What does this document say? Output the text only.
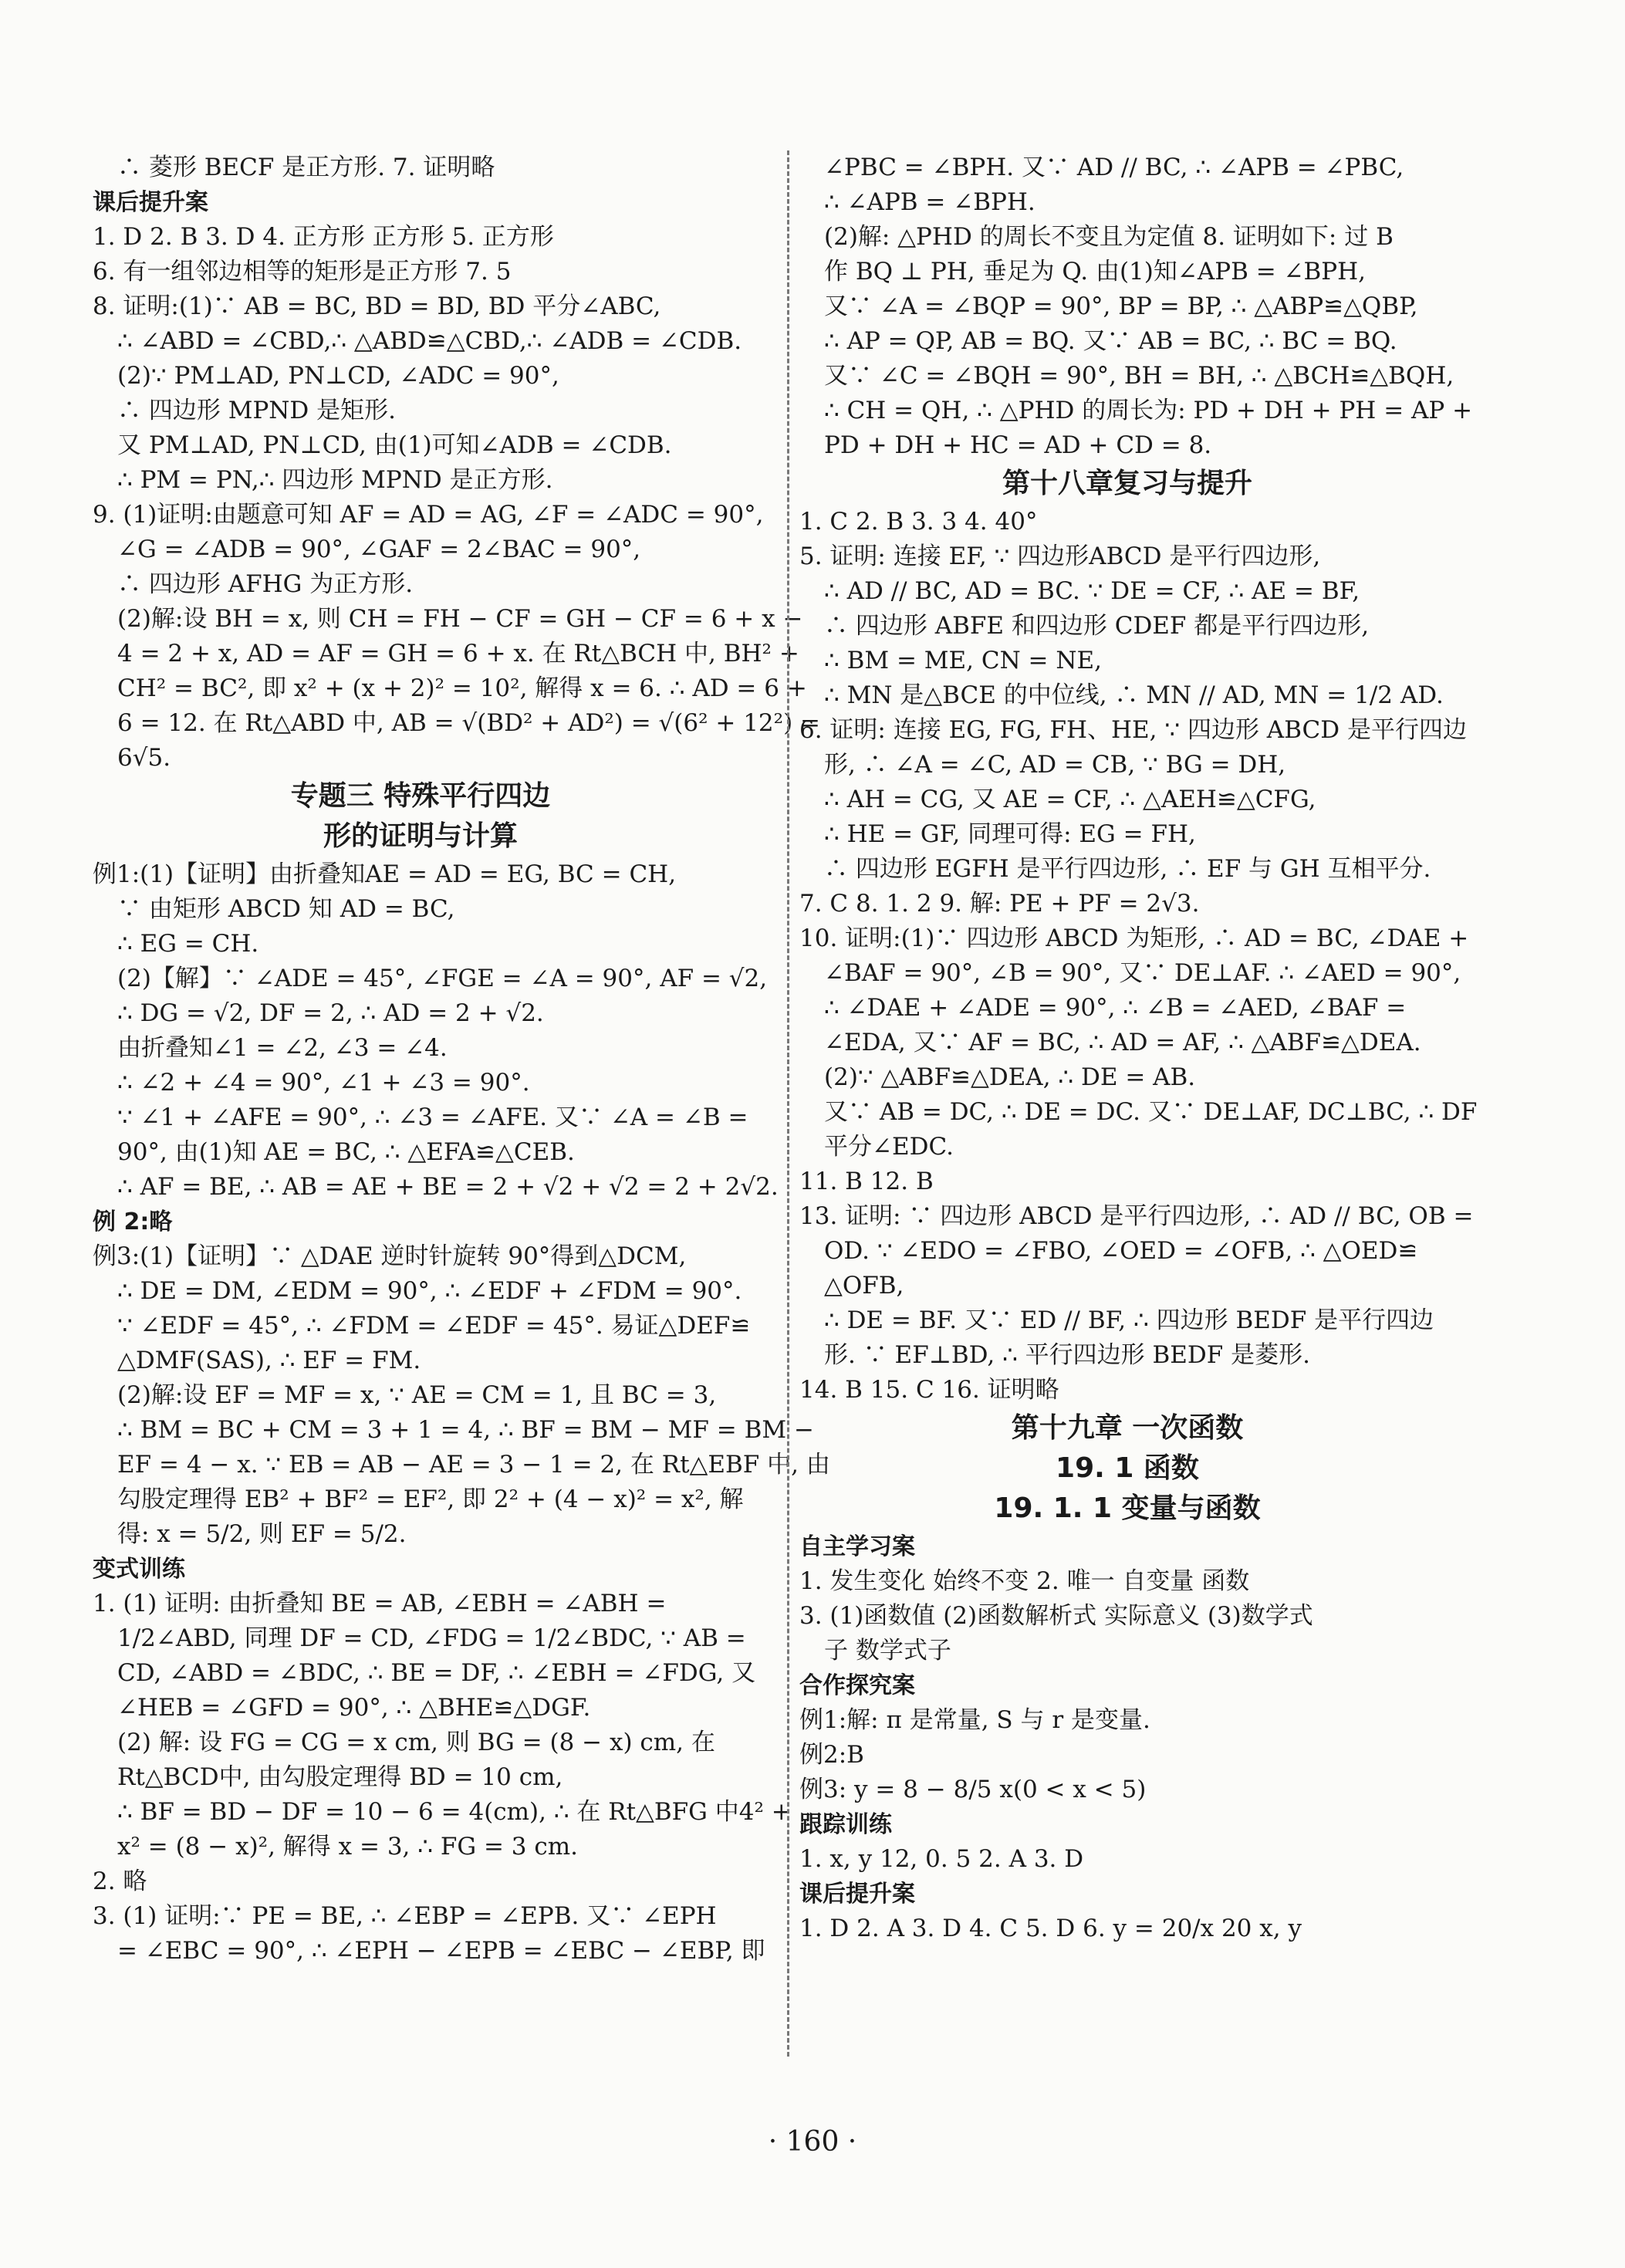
∴ 菱形 BECF 是正方形. 7. 证明略
课后提升案
1. D 2. B 3. D 4. 正方形 正方形 5. 正方形
6. 有一组邻边相等的矩形是正方形 7. 5
8. 证明:(1)∵ AB = BC, BD = BD, BD 平分∠ABC,
∴ ∠ABD = ∠CBD,∴ △ABD≌△CBD,∴ ∠ADB = ∠CDB.
(2)∵ PM⊥AD, PN⊥CD, ∠ADC = 90°,
∴ 四边形 MPND 是矩形.
又 PM⊥AD, PN⊥CD, 由(1)可知∠ADB = ∠CDB.
∴ PM = PN,∴ 四边形 MPND 是正方形.
9. (1)证明:由题意可知 AF = AD = AG, ∠F = ∠ADC = 90°,
∠G = ∠ADB = 90°, ∠GAF = 2∠BAC = 90°,
∴ 四边形 AFHG 为正方形.
(2)解:设 BH = x, 则 CH = FH − CF = GH − CF = 6 + x −
4 = 2 + x, AD = AF = GH = 6 + x. 在 Rt△BCH 中, BH² +
CH² = BC², 即 x² + (x + 2)² = 10², 解得 x = 6. ∴ AD = 6 +
6 = 12. 在 Rt△ABD 中, AB = √(BD² + AD²) = √(6² + 12²) =
6√5.
专题三 特殊平行四边
形的证明与计算
例1:(1)【证明】由折叠知AE = AD = EG, BC = CH,
∵ 由矩形 ABCD 知 AD = BC,
∴ EG = CH.
(2)【解】∵ ∠ADE = 45°, ∠FGE = ∠A = 90°, AF = √2,
∴ DG = √2, DF = 2, ∴ AD = 2 + √2.
由折叠知∠1 = ∠2, ∠3 = ∠4.
∴ ∠2 + ∠4 = 90°, ∠1 + ∠3 = 90°.
∵ ∠1 + ∠AFE = 90°, ∴ ∠3 = ∠AFE. 又∵ ∠A = ∠B =
90°, 由(1)知 AE = BC, ∴ △EFA≌△CEB.
∴ AF = BE, ∴ AB = AE + BE = 2 + √2 + √2 = 2 + 2√2.
例 2:略
例3:(1)【证明】∵ △DAE 逆时针旋转 90°得到△DCM,
∴ DE = DM, ∠EDM = 90°, ∴ ∠EDF + ∠FDM = 90°.
∵ ∠EDF = 45°, ∴ ∠FDM = ∠EDF = 45°. 易证△DEF≌
△DMF(SAS), ∴ EF = FM.
(2)解:设 EF = MF = x, ∵ AE = CM = 1, 且 BC = 3,
∴ BM = BC + CM = 3 + 1 = 4, ∴ BF = BM − MF = BM −
EF = 4 − x. ∵ EB = AB − AE = 3 − 1 = 2, 在 Rt△EBF 中, 由
勾股定理得 EB² + BF² = EF², 即 2² + (4 − x)² = x², 解
得: x = 5/2, 则 EF = 5/2.
变式训练
1. (1) 证明: 由折叠知 BE = AB, ∠EBH = ∠ABH =
1/2∠ABD, 同理 DF = CD, ∠FDG = 1/2∠BDC, ∵ AB =
CD, ∠ABD = ∠BDC, ∴ BE = DF, ∴ ∠EBH = ∠FDG, 又
∠HEB = ∠GFD = 90°, ∴ △BHE≌△DGF.
(2) 解: 设 FG = CG = x cm, 则 BG = (8 − x) cm, 在
Rt△BCD中, 由勾股定理得 BD = 10 cm,
∴ BF = BD − DF = 10 − 6 = 4(cm), ∴ 在 Rt△BFG 中4² +
x² = (8 − x)², 解得 x = 3, ∴ FG = 3 cm.
2. 略
3. (1) 证明:∵ PE = BE, ∴ ∠EBP = ∠EPB. 又∵ ∠EPH
= ∠EBC = 90°, ∴ ∠EPH − ∠EPB = ∠EBC − ∠EBP, 即
∠PBC = ∠BPH. 又∵ AD // BC, ∴ ∠APB = ∠PBC,
∴ ∠APB = ∠BPH.
(2)解: △PHD 的周长不变且为定值 8. 证明如下: 过 B
作 BQ ⊥ PH, 垂足为 Q. 由(1)知∠APB = ∠BPH,
又∵ ∠A = ∠BQP = 90°, BP = BP, ∴ △ABP≌△QBP,
∴ AP = QP, AB = BQ. 又∵ AB = BC, ∴ BC = BQ.
又∵ ∠C = ∠BQH = 90°, BH = BH, ∴ △BCH≌△BQH,
∴ CH = QH, ∴ △PHD 的周长为: PD + DH + PH = AP +
PD + DH + HC = AD + CD = 8.
第十八章复习与提升
1. C 2. B 3. 3 4. 40°
5. 证明: 连接 EF, ∵ 四边形ABCD 是平行四边形,
∴ AD // BC, AD = BC. ∵ DE = CF, ∴ AE = BF,
∴ 四边形 ABFE 和四边形 CDEF 都是平行四边形,
∴ BM = ME, CN = NE,
∴ MN 是△BCE 的中位线, ∴ MN // AD, MN = 1/2 AD.
6. 证明: 连接 EG, FG, FH、HE, ∵ 四边形 ABCD 是平行四边
形, ∴ ∠A = ∠C, AD = CB, ∵ BG = DH,
∴ AH = CG, 又 AE = CF, ∴ △AEH≌△CFG,
∴ HE = GF, 同理可得: EG = FH,
∴ 四边形 EGFH 是平行四边形, ∴ EF 与 GH 互相平分.
7. C 8. 1. 2 9. 解: PE + PF = 2√3.
10. 证明:(1)∵ 四边形 ABCD 为矩形, ∴ AD = BC, ∠DAE +
∠BAF = 90°, ∠B = 90°, 又∵ DE⊥AF. ∴ ∠AED = 90°,
∴ ∠DAE + ∠ADE = 90°, ∴ ∠B = ∠AED, ∠BAF =
∠EDA, 又∵ AF = BC, ∴ AD = AF, ∴ △ABF≌△DEA.
(2)∵ △ABF≌△DEA, ∴ DE = AB.
又∵ AB = DC, ∴ DE = DC. 又∵ DE⊥AF, DC⊥BC, ∴ DF
平分∠EDC.
11. B 12. B
13. 证明: ∵ 四边形 ABCD 是平行四边形, ∴ AD // BC, OB =
OD. ∵ ∠EDO = ∠FBO, ∠OED = ∠OFB, ∴ △OED≌
△OFB,
∴ DE = BF. 又∵ ED // BF, ∴ 四边形 BEDF 是平行四边
形. ∵ EF⊥BD, ∴ 平行四边形 BEDF 是菱形.
14. B 15. C 16. 证明略
第十九章 一次函数
19. 1 函数
19. 1. 1 变量与函数
自主学习案
1. 发生变化 始终不变 2. 唯一 自变量 函数
3. (1)函数值 (2)函数解析式 实际意义 (3)数学式
子 数学式子
合作探究案
例1:解: π 是常量, S 与 r 是变量.
例2:B
例3: y = 8 − 8/5 x(0 < x < 5)
跟踪训练
1. x, y 12, 0. 5 2. A 3. D
课后提升案
1. D 2. A 3. D 4. C 5. D 6. y = 20/x 20 x, y
· 160 ·
